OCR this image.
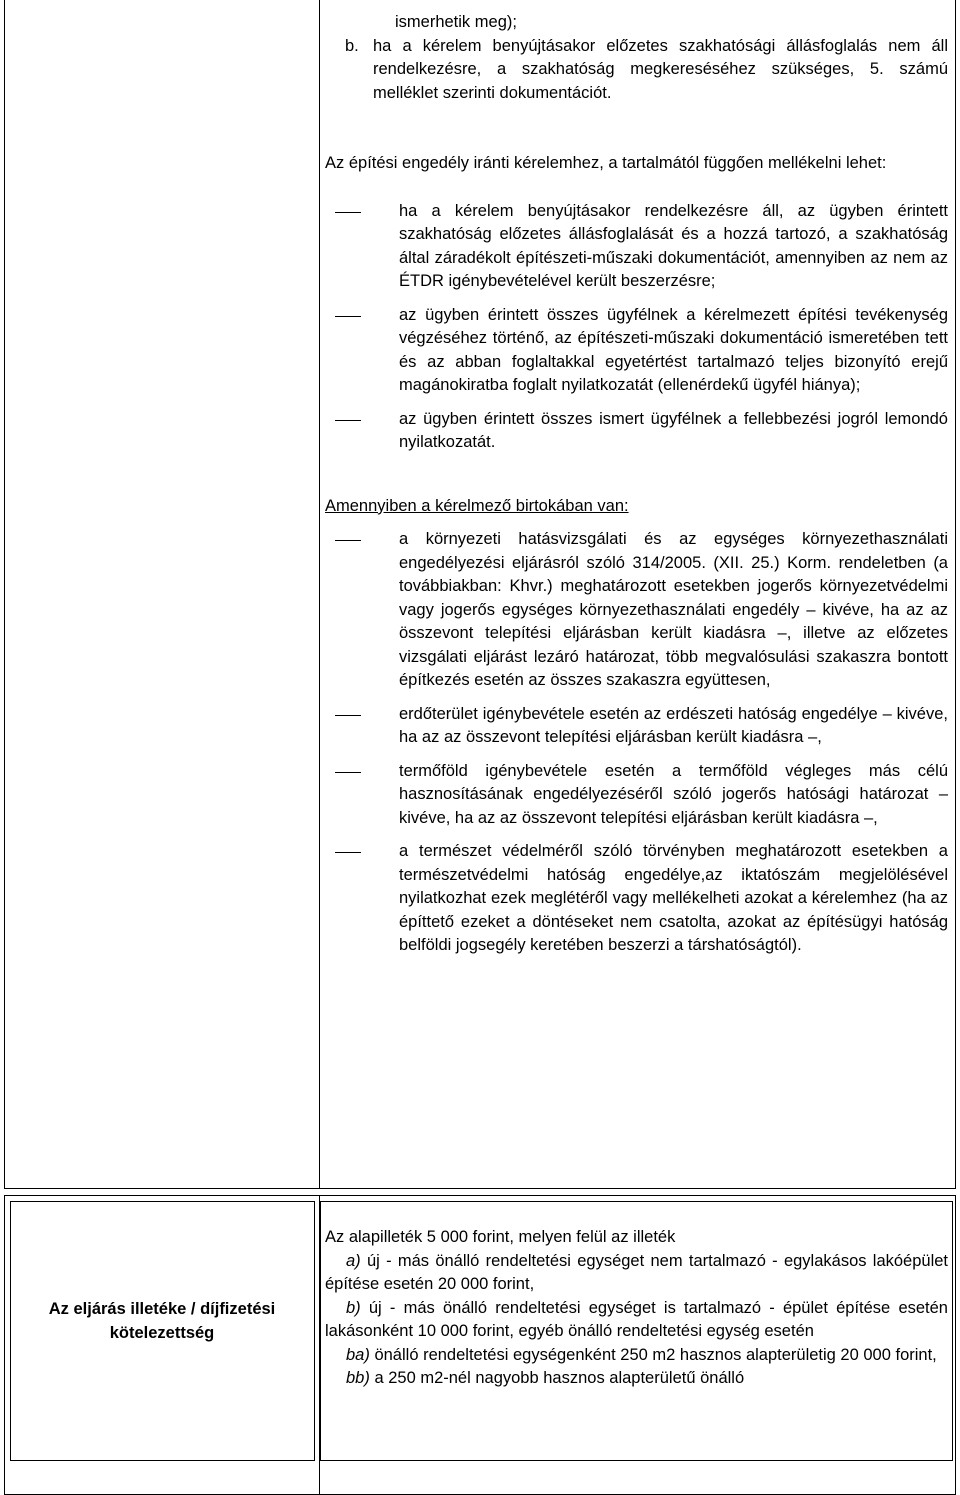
ismerhetik meg);
b. ha a kérelem benyújtásakor előzetes szakhatósági állásfoglalás nem áll rendelkezésre, a szakhatóság megkereséséhez szükséges, 5. számú melléklet szerinti dokumentációt.

Az építési engedély iránti kérelemhez, a tartalmától függően mellékelni lehet:

ha a kérelem benyújtásakor rendelkezésre áll, az ügyben érintett szakhatóság előzetes állásfoglalását és a hozzá tartozó, a szakhatóság által záradékolt építészeti-műszaki dokumentációt, amennyiben az nem az ÉTDR igénybevételével került beszerzésre;
az ügyben érintett összes ügyfélnek a kérelmezett építési tevékenység végzéséhez történő, az építészeti-műszaki dokumentáció ismeretében tett és az abban foglaltakkal egyetértést tartalmazó teljes bizonyító erejű magánokiratba foglalt nyilatkozatát (ellenérdekű ügyfél hiánya);
az ügyben érintett összes ismert ügyfélnek a fellebbezési jogról lemondó nyilatkozatát.

Amennyiben a kérelmező birtokában van:

a környezeti hatásvizsgálati és az egységes környezethasználati engedélyezési eljárásról szóló 314/2005. (XII. 25.) Korm. rendeletben (a továbbiakban: Khvr.) meghatározott esetekben jogerős környezetvédelmi vagy jogerős egységes környezethasználati engedély – kivéve, ha az az összevont telepítési eljárásban került kiadásra –, illetve az előzetes vizsgálati eljárást lezáró határozat, több megvalósulási szakaszra bontott építkezés esetén az összes szakaszra együttesen,
erdőterület igénybevétele esetén az erdészeti hatóság engedélye – kivéve, ha az az összevont telepítési eljárásban került kiadásra –,
termőföld igénybevétele esetén a termőföld végleges más célú hasznosításának engedélyezéséről szóló jogerős hatósági határozat – kivéve, ha az az összevont telepítési eljárásban került kiadásra –,
a természet védelméről szóló törvényben meghatározott esetekben a természetvédelmi hatóság engedélye,az iktatószám megjelölésével nyilatkozhat ezek meglétéről vagy mellékelheti azokat a kérelemhez (ha az építtető ezeket a döntéseket nem csatolta, azokat az építésügyi hatóság belföldi jogsegély keretében beszerzi a társhatóságtól).
Az eljárás illetéke / díjfizetési kötelezettség
Az alapilleték 5 000 forint, melyen felül az illeték
a) új - más önálló rendeltetési egységet nem tartalmazó - egylakásos lakóépület építése esetén 20 000 forint,
b) új - más önálló rendeltetési egységet is tartalmazó - épület építése esetén lakásonként 10 000 forint, egyéb önálló rendeltetési egység esetén
ba) önálló rendeltetési egységenként 250 m2 hasznos alapterületig 20 000 forint,
bb) a 250 m2-nél nagyobb hasznos alapterületű önálló
